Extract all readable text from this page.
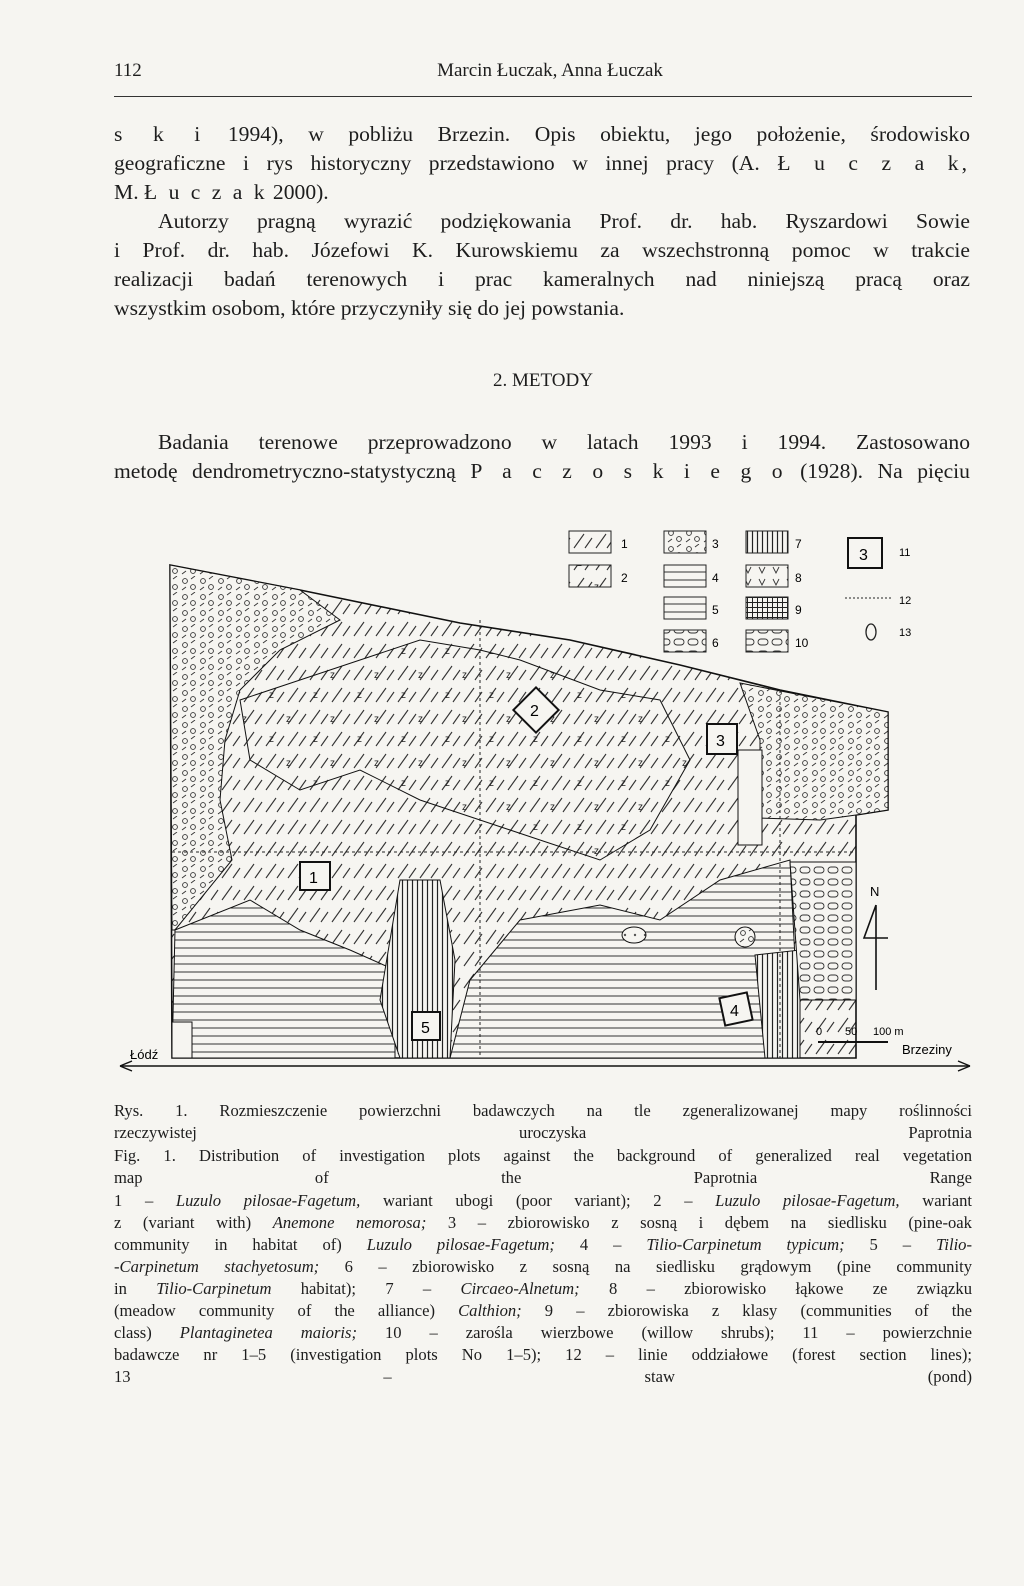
112	Marcin Łuczak, Anna Łuczak
s k i 1994), w pobliżu Brzezin. Opis obiektu, jego położenie, środowisko
geograficzne i rys historyczny przedstawiono w innej pracy (A. Ł u c z a k,
M. Ł u c z a k 2000).
Autorzy pragną wyrazić podziękowania Prof. dr. hab. Ryszardowi Sowie
i Prof. dr. hab. Józefowi K. Kurowskiemu za wszechstronną pomoc w trakcie
realizacji badań terenowych i prac kameralnych nad niniejszą pracą oraz
wszystkim osobom, które przyczyniły się do jej powstania.
2. METODY
Badania terenowe przeprowadzono w latach 1993 i 1994. Zastosowano
metodę dendrometryczno-statystyczną P a c z o s k i e g o (1928). Na pięciu
1
2
3
4
5
6
7
8
9
10
3	11
12
13
1
2
3
4
5
N
0 50 100 m
Łódź	Brzeziny
Rys. 1. Rozmieszczenie powierzchni badawczych na tle zgeneralizowanej mapy roślinności
rzeczywistej uroczyska Paprotnia
Fig. 1. Distribution of investigation plots against the background of generalized real vegetation
map of the Paprotnia Range
1 – Luzulo pilosae-Fagetum, wariant ubogi (poor variant); 2 – Luzulo pilosae-Fagetum, wariant
z (variant with) Anemone nemorosa; 3 – zbiorowisko z sosną i dębem na siedlisku (pine-oak
community in habitat of) Luzulo pilosae-Fagetum; 4 – Tilio-Carpinetum typicum; 5 – Tilio-
-Carpinetum stachyetosum; 6 – zbiorowisko z sosną na siedlisku grądowym (pine community
in Tilio-Carpinetum habitat); 7 – Circaeo-Alnetum; 8 – zbiorowisko łąkowe ze związku
(meadow community of the alliance) Calthion; 9 – zbiorowiska z klasy (communities of the
class) Plantaginetea maioris; 10 – zarośla wierzbowe (willow shrubs); 11 – powierzchnie
badawcze nr 1–5 (investigation plots No 1–5); 12 – linie oddziałowe (forest section lines);
13 – staw (pond)
